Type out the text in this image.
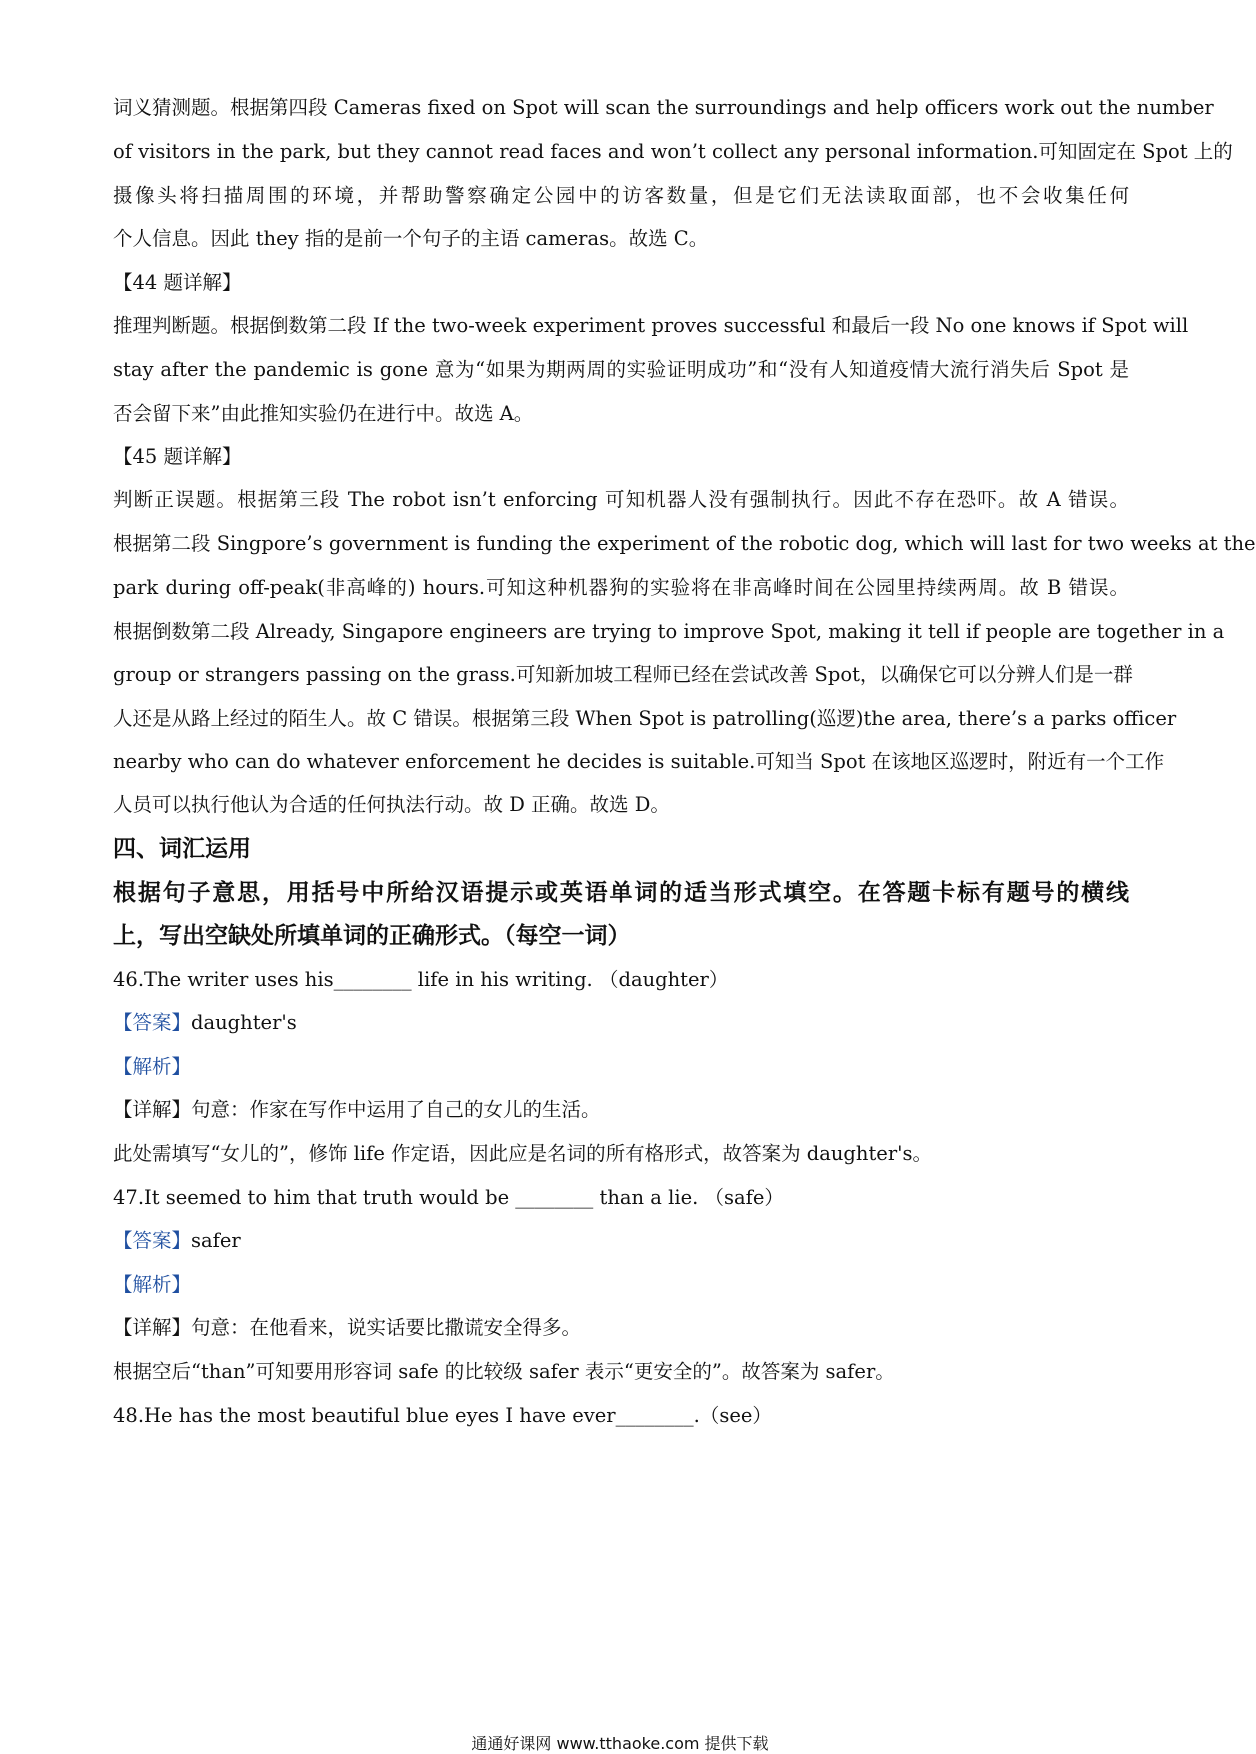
词义猜测题。根据第四段 Cameras fixed on Spot will scan the surroundings and help officers work out the number
of visitors in the park, but they cannot read faces and won’t collect any personal information.可知固定在 Spot 上的
摄像头将扫描周围的环境，并帮助警察确定公园中的访客数量，但是它们无法读取面部，也不会收集任何
个人信息。因此 they 指的是前一个句子的主语 cameras。故选 C。
【44 题详解】
推理判断题。根据倒数第二段 If the two-week experiment proves successful 和最后一段 No one knows if Spot will
stay after the pandemic is gone 意为“如果为期两周的实验证明成功”和“没有人知道疫情大流行消失后 Spot 是
否会留下来”由此推知实验仍在进行中。故选 A。
【45 题详解】
判断正误题。根据第三段 The robot isn’t enforcing 可知机器人没有强制执行。因此不存在恐吓。故 A 错误。
根据第二段 Singpore’s government is funding the experiment of the robotic dog, which will last for two weeks at the
park during off-peak(非高峰的) hours.可知这种机器狗的实验将在非高峰时间在公园里持续两周。故 B 错误。
根据倒数第二段 Already, Singapore engineers are trying to improve Spot, making it tell if people are together in a
group or strangers passing on the grass.可知新加坡工程师已经在尝试改善 Spot，以确保它可以分辨人们是一群
人还是从路上经过的陌生人。故 C 错误。根据第三段 When Spot is patrolling(巡逻)the area, there’s a parks officer
nearby who can do whatever enforcement he decides is suitable.可知当 Spot 在该地区巡逻时，附近有一个工作
人员可以执行他认为合适的任何执法行动。故 D 正确。故选 D。
四、词汇运用
根据句子意思，用括号中所给汉语提示或英语单词的适当形式填空。在答题卡标有题号的横线
上，写出空缺处所填单词的正确形式。（每空一词）
46.The writer uses his________ life in his writing. （daughter）
【答案】daughter's
【解析】
【详解】句意：作家在写作中运用了自己的女儿的生活。
此处需填写“女儿的”，修饰 life 作定语，因此应是名词的所有格形式，故答案为 daughter's。
47.It seemed to him that truth would be ________ than a lie. （safe）
【答案】safer
【解析】
【详解】句意：在他看来，说实话要比撒谎安全得多。
根据空后“than”可知要用形容词 safe 的比较级 safer 表示“更安全的”。故答案为 safer。
48.He has the most beautiful blue eyes I have ever________.（see）
通通好课网 www.tthaoke.com 提供下载
